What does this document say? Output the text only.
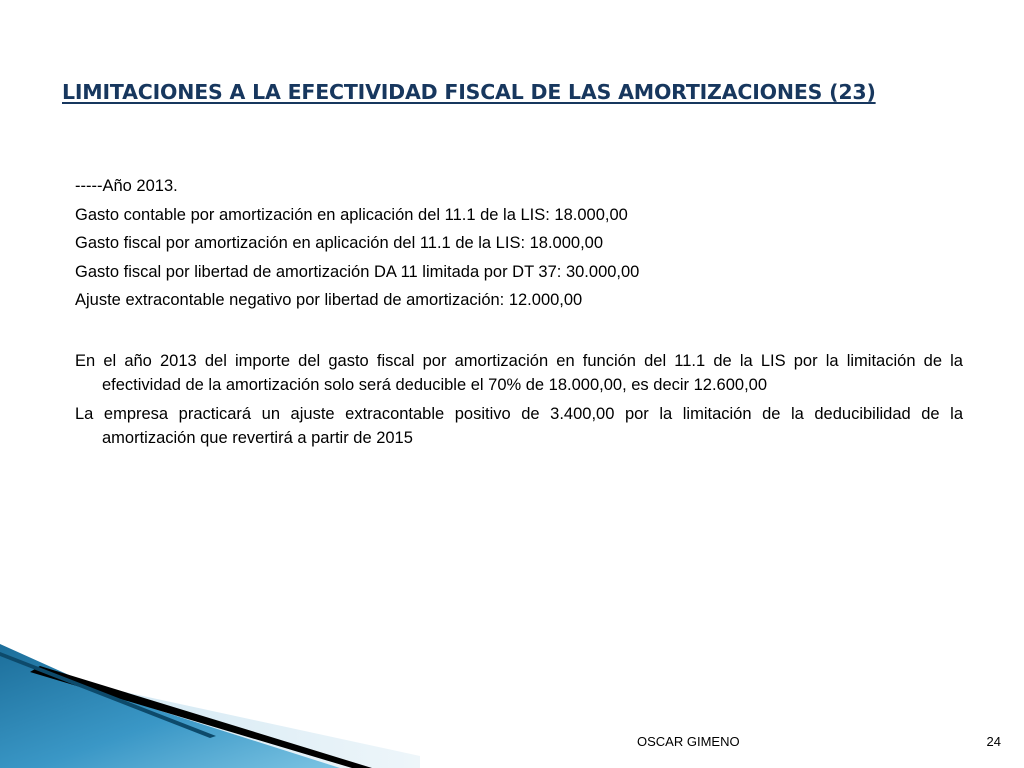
LIMITACIONES A LA EFECTIVIDAD FISCAL DE LAS AMORTIZACIONES (23)

-----Año 2013.

Gasto contable por amortización en aplicación del 11.1 de la LIS: 18.000,00

Gasto fiscal por amortización en aplicación del 11.1 de la LIS: 18.000,00

Gasto fiscal por libertad de amortización DA 11 limitada por DT 37: 30.000,00

Ajuste extracontable negativo por libertad de amortización: 12.000,00

En el año 2013 del importe del gasto fiscal por amortización en función del 11.1 de la LIS por la limitación de la efectividad de la amortización solo será deducible el 70% de 18.000,00, es decir 12.600,00

La empresa practicará un ajuste extracontable positivo de 3.400,00 por la limitación de la deducibilidad de la amortización que revertirá a partir de 2015

OSCAR GIMENO	24
